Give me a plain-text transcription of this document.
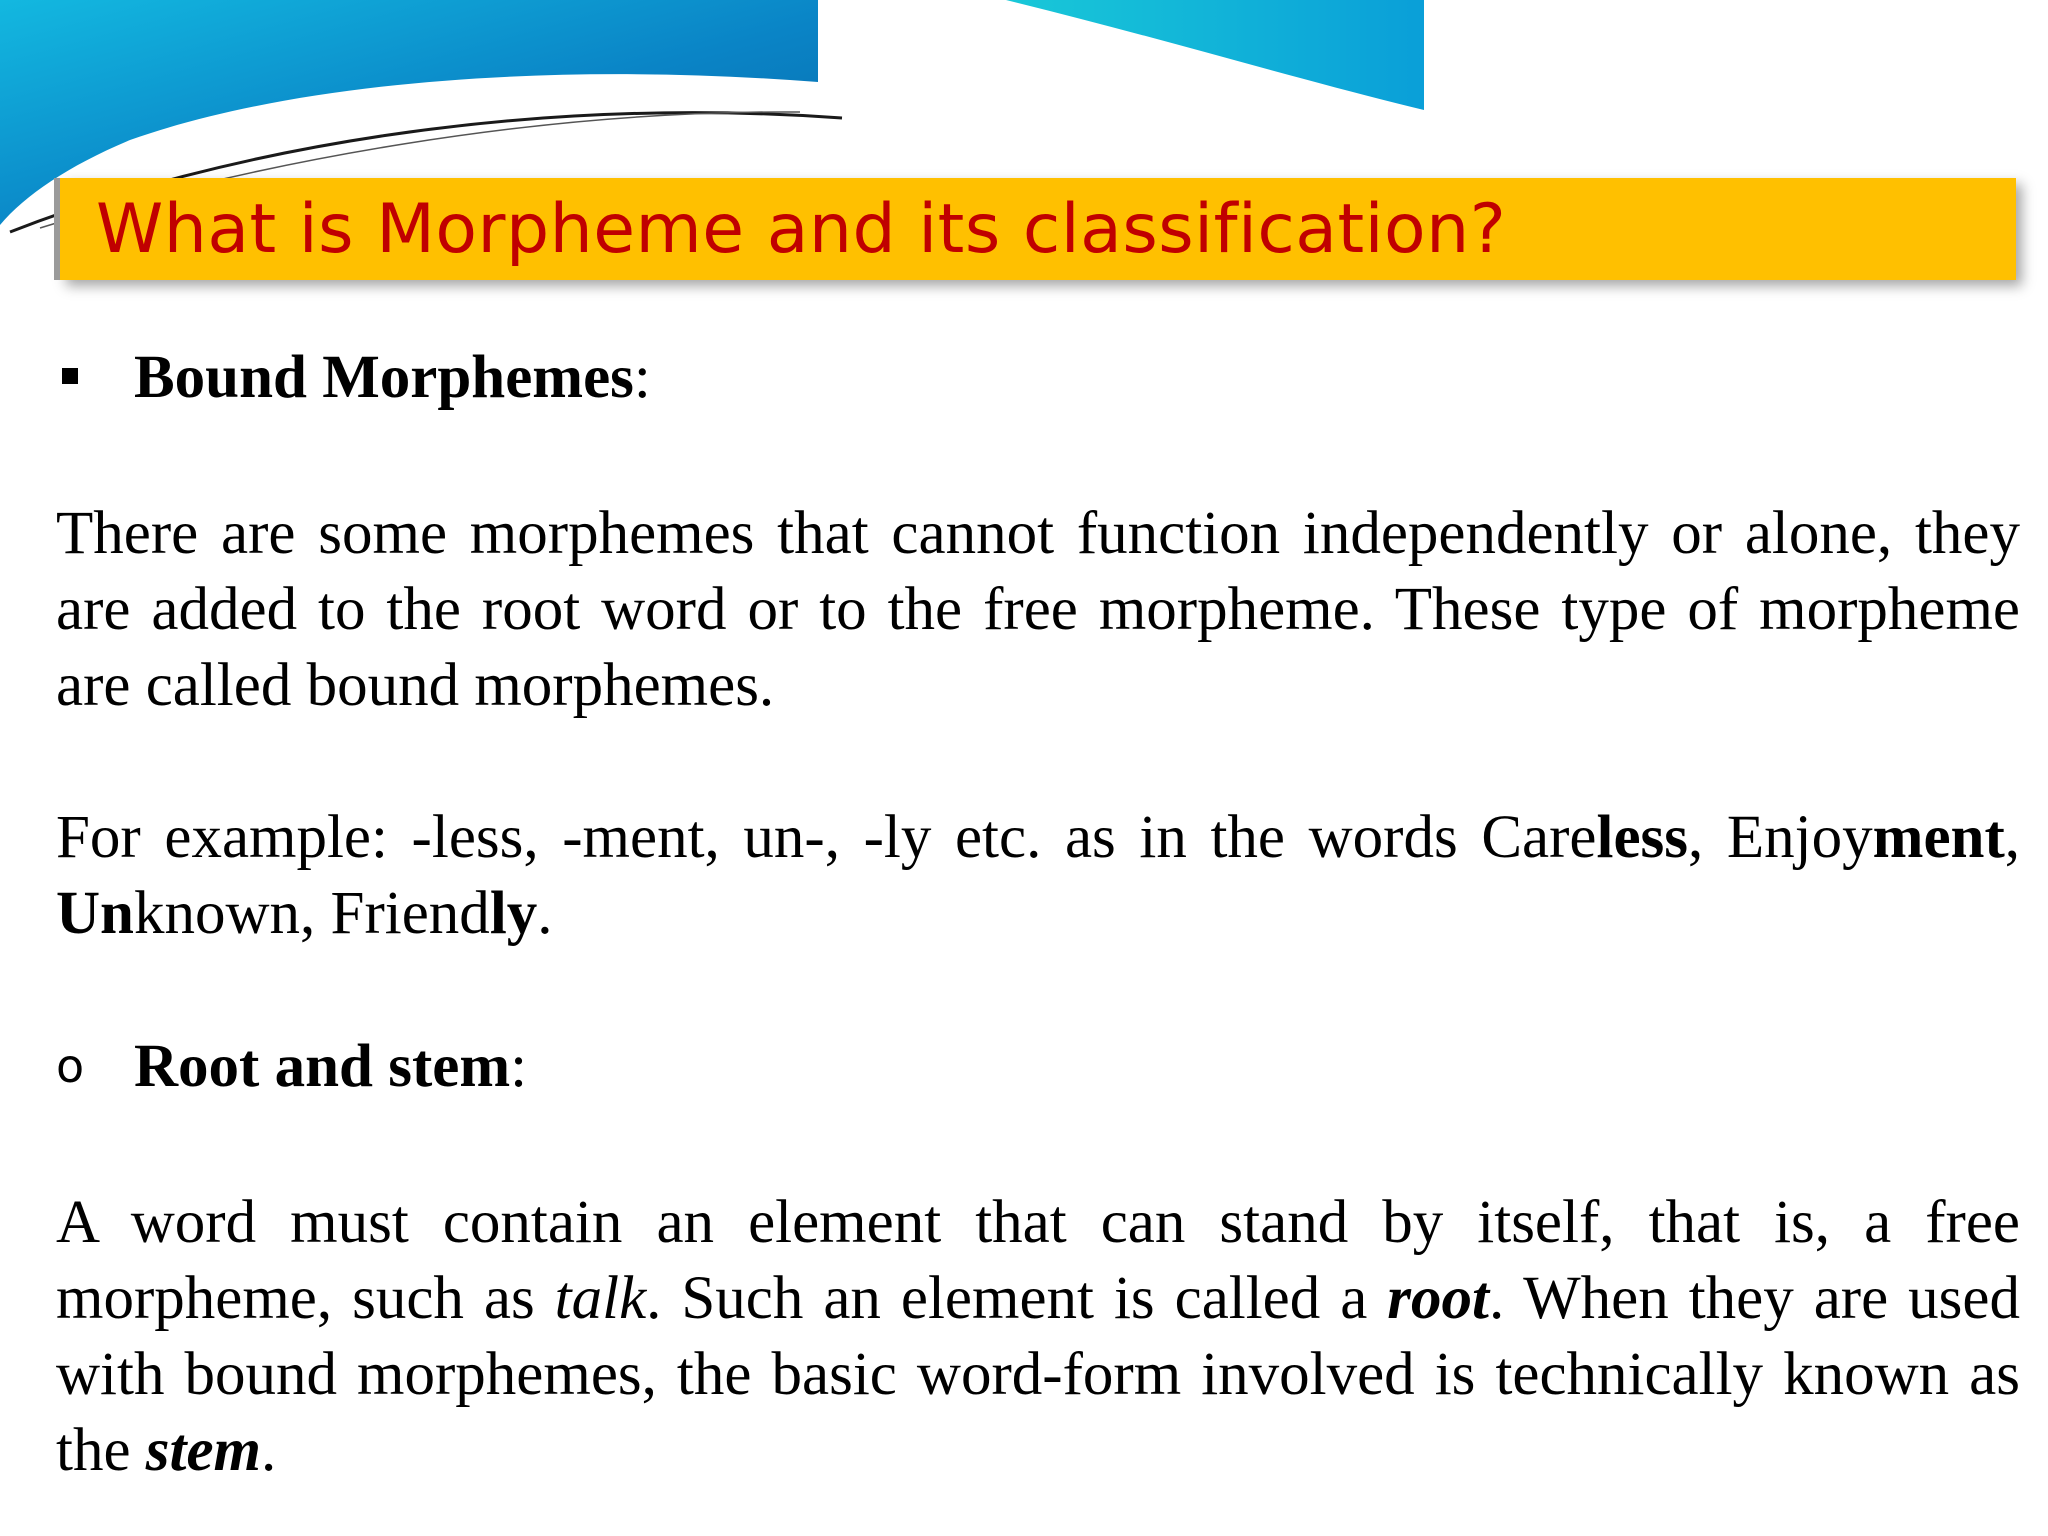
What is Morpheme and its classification?
Bound Morphemes:

There are some morphemes that cannot function independently or alone, they are added to the root word or to the free morpheme. These type of morpheme are called bound morphemes.

For example: -less, -ment, un-, -ly etc. as in the words Careless, Enjoyment, Unknown, Friendly.

o Root and stem:

A word must contain an element that can stand by itself, that is, a free morpheme, such as talk. Such an element is called a root. When they are used with bound morphemes, the basic word-form involved is technically known as the stem.
